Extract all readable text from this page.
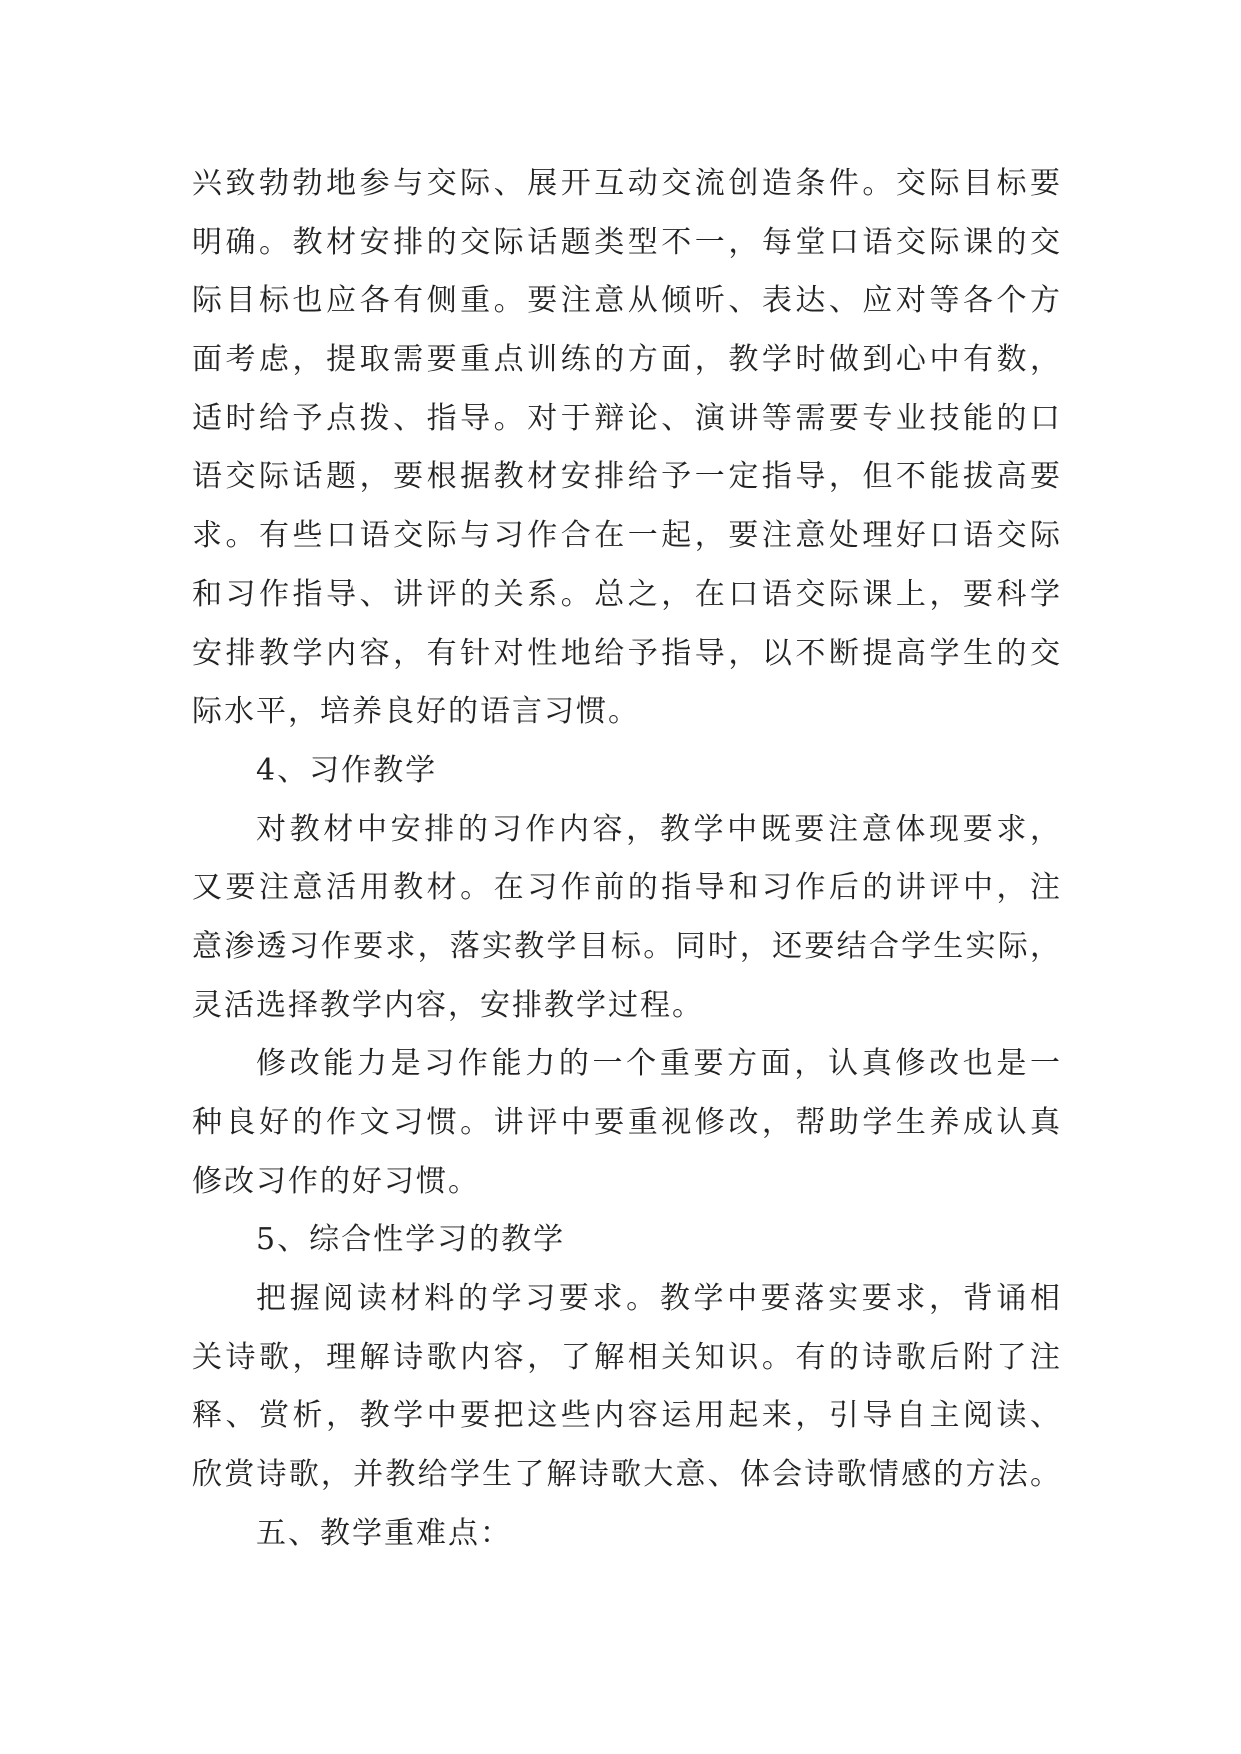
兴致勃勃地参与交际、展开互动交流创造条件。交际目标要
明确。教材安排的交际话题类型不一，每堂口语交际课的交
际目标也应各有侧重。要注意从倾听、表达、应对等各个方
面考虑，提取需要重点训练的方面，教学时做到心中有数，
适时给予点拨、指导。对于辩论、演讲等需要专业技能的口
语交际话题，要根据教材安排给予一定指导，但不能拔高要
求。有些口语交际与习作合在一起，要注意处理好口语交际
和习作指导、讲评的关系。总之，在口语交际课上，要科学
安排教学内容，有针对性地给予指导，以不断提高学生的交
际水平，培养良好的语言习惯。
4、习作教学
对教材中安排的习作内容，教学中既要注意体现要求，
又要注意活用教材。在习作前的指导和习作后的讲评中，注
意渗透习作要求，落实教学目标。同时，还要结合学生实际，
灵活选择教学内容，安排教学过程。
修改能力是习作能力的一个重要方面，认真修改也是一
种良好的作文习惯。讲评中要重视修改，帮助学生养成认真
修改习作的好习惯。
5、综合性学习的教学
把握阅读材料的学习要求。教学中要落实要求，背诵相
关诗歌，理解诗歌内容，了解相关知识。有的诗歌后附了注
释、赏析，教学中要把这些内容运用起来，引导自主阅读、
欣赏诗歌，并教给学生了解诗歌大意、体会诗歌情感的方法。
五、教学重难点：
